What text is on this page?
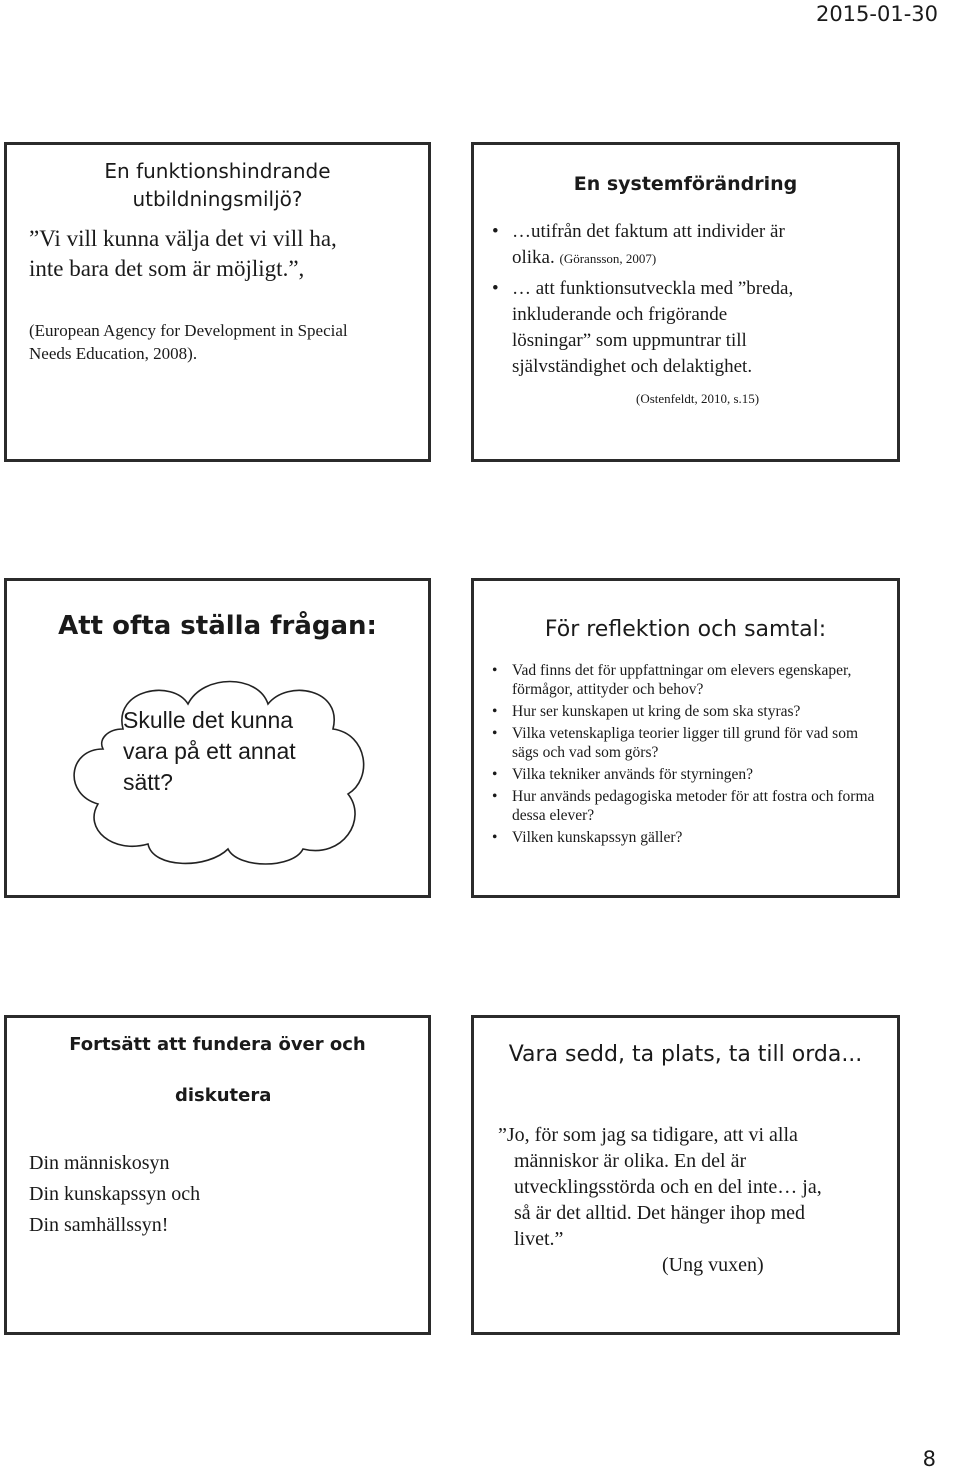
2015-01-30
En funktionshindrande
utbildningsmiljö?
”Vi vill kunna välja det vi vill ha,
inte bara det som är möjligt.”,
(European Agency for Development in Special
Needs Education, 2008).
En systemförändring
• …utifrån det faktum att individer är
olika. (Göransson, 2007)
• … att funktionsutveckla med ”breda,
inkluderande och frigörande
lösningar” som uppmuntrar till
självständighet och delaktighet.
(Ostenfeldt, 2010, s.15)
Att ofta ställa frågan:
Skulle det kunna
vara på ett annat
sätt?
För reflektion och samtal:
• Vad finns det för uppfattningar om elevers egenskaper, förmågor, attityder och behov?
• Hur ser kunskapen ut kring de som ska styras?
• Vilka vetenskapliga teorier ligger till grund för vad som sägs och vad som görs?
• Vilka tekniker används för styrningen?
• Hur används pedagogiska metoder för att fostra och forma dessa elever?
• Vilken kunskapssyn gäller?
Fortsätt att fundera över och
diskutera
Din människosyn
Din kunskapssyn och
Din samhällssyn!
Vara sedd, ta plats, ta till orda...
”Jo, för som jag sa tidigare, att vi alla
människor är olika. En del är
utvecklingsstörda och en del inte… ja,
så är det alltid. Det hänger ihop med
livet.”
(Ung vuxen)
8
